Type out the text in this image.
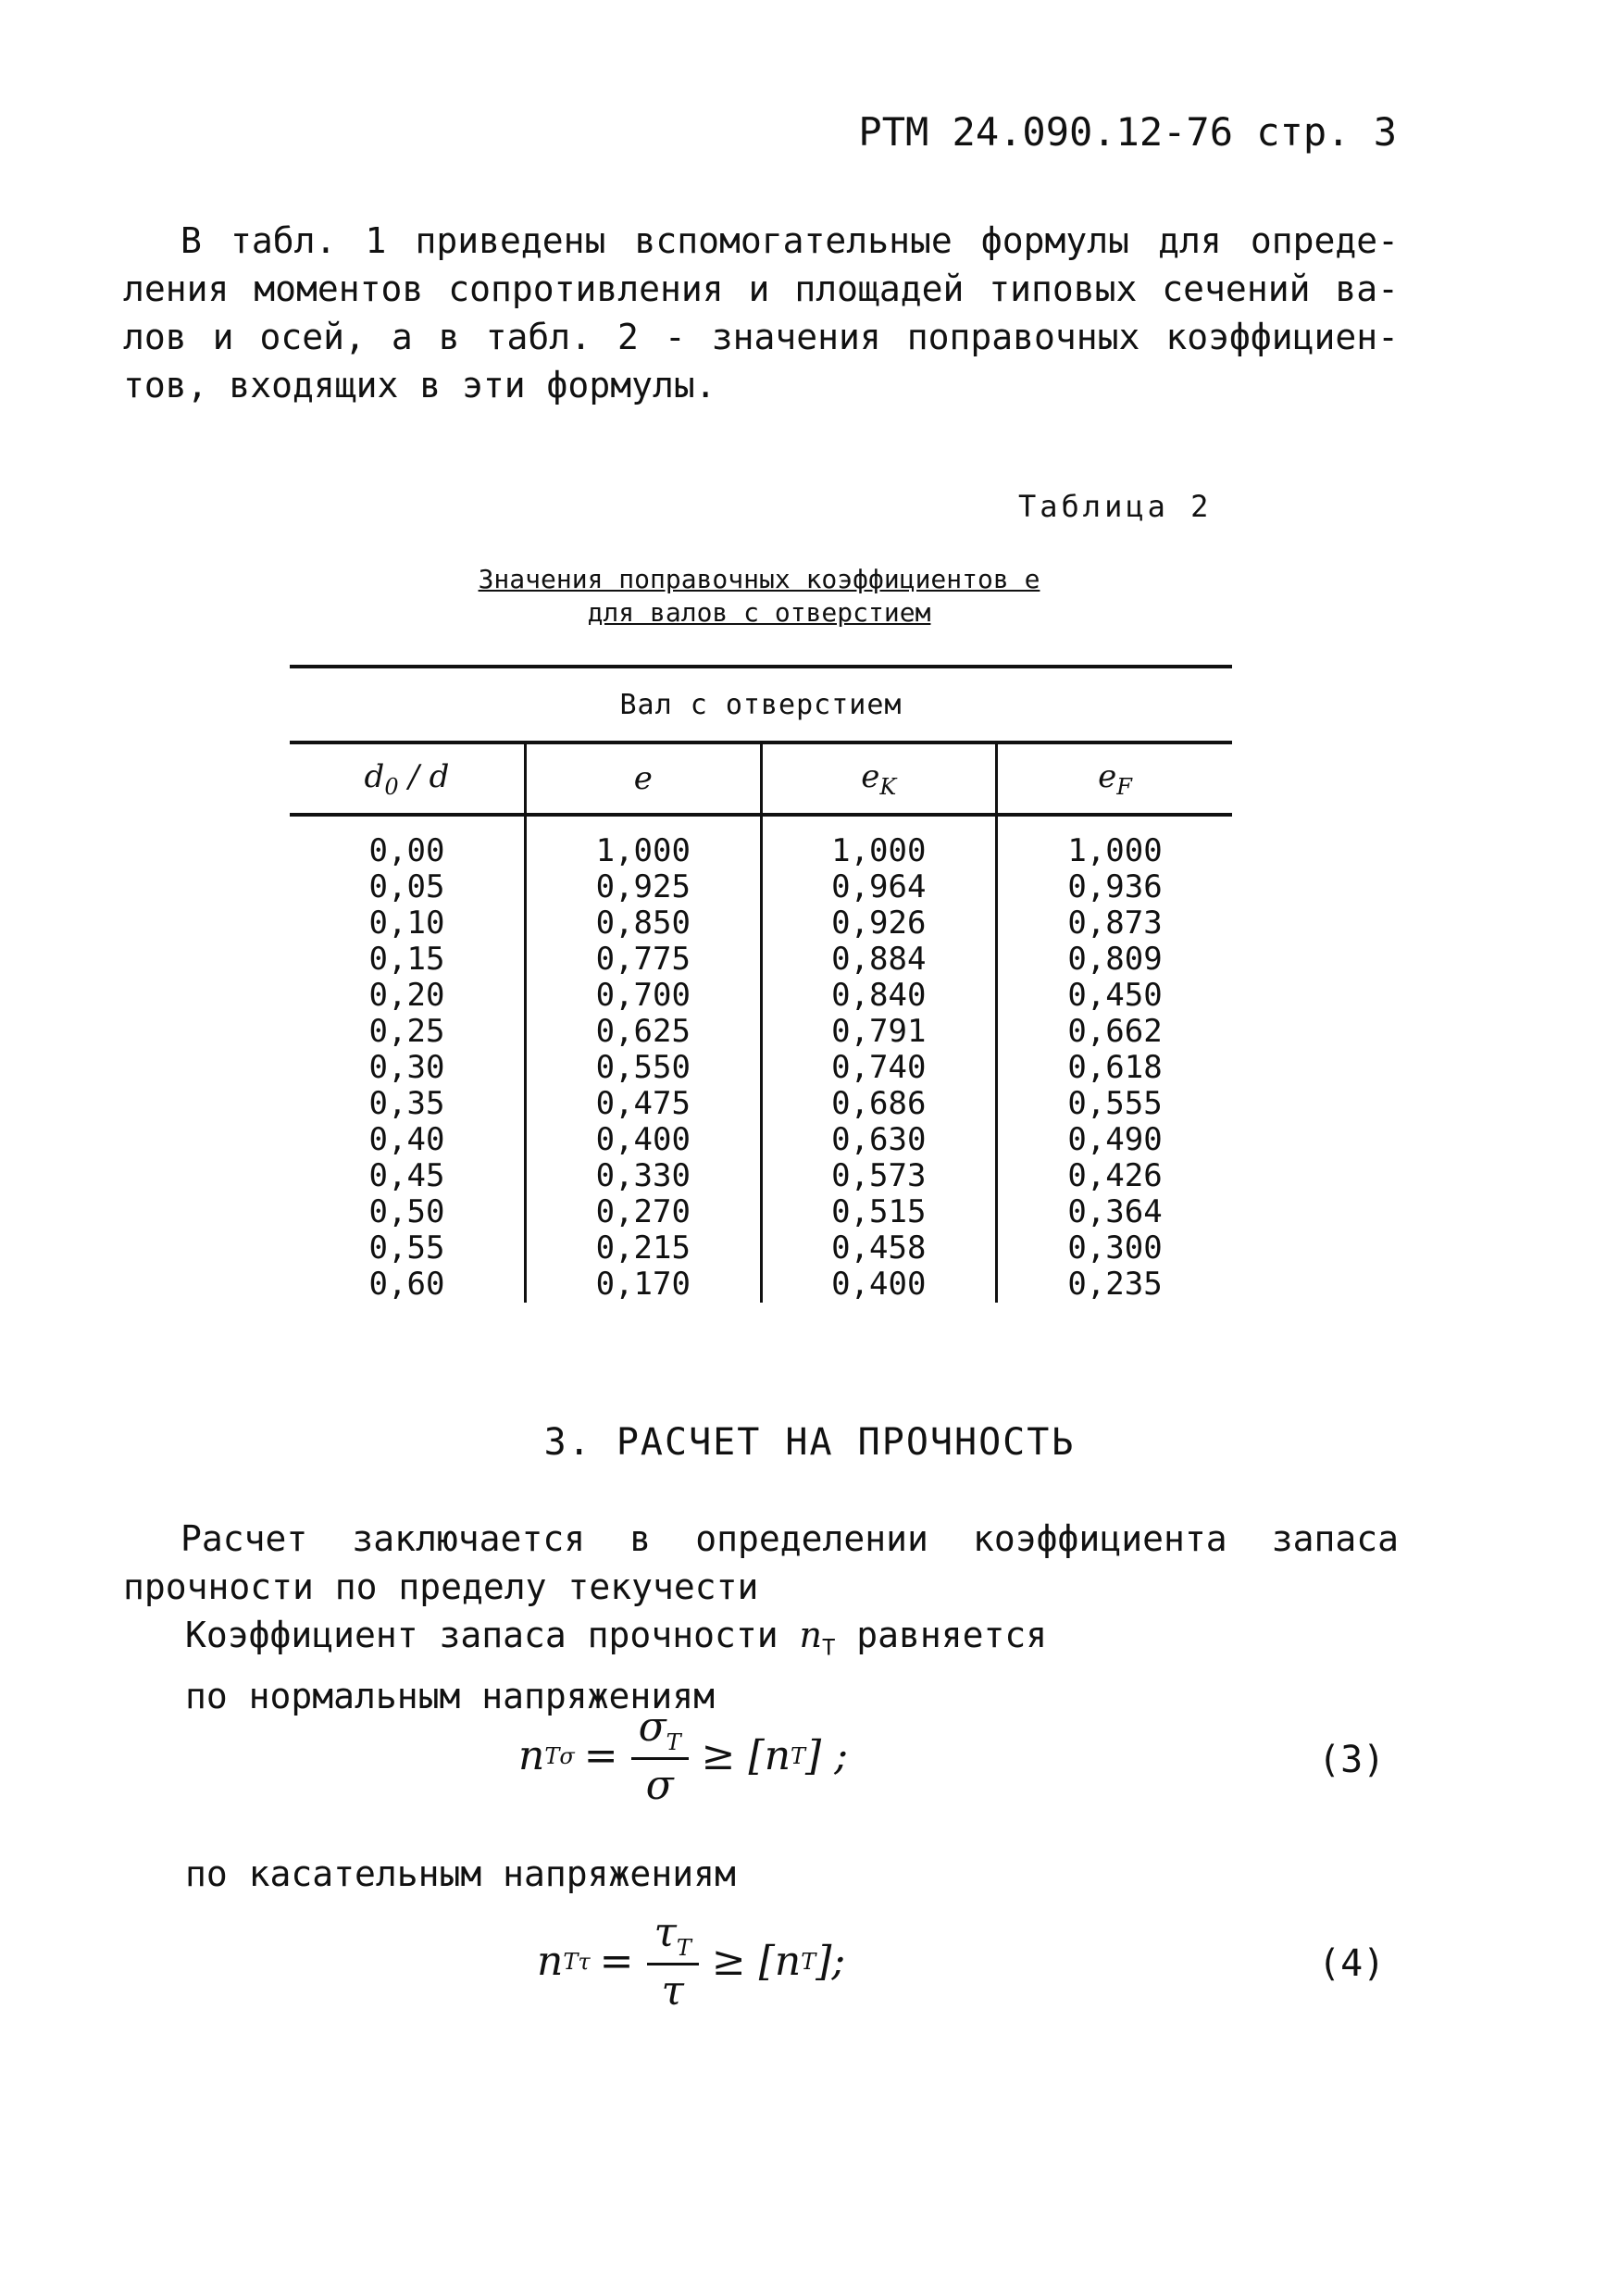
РТМ 24.090.12-76 стр. 3

В табл. 1 приведены вспомогательные формулы для опреде-

ления моментов сопротивления и площадей типовых сечений ва-

лов и осей, а в табл. 2 - значения поправочных коэффициен-

тов, входящих в эти формулы.

Таблица 2
Значения поправочных коэффициентов e
для валов с отверстием
Вал с отверстием			
$d_0$ / d	e	$e_K$	$e_F$
0,00	1,000	1,000	1,000
0,05	0,925	0,964	0,936
0,10	0,850	0,926	0,873
0,15	0,775	0,884	0,809
0,20	0,700	0,840	0,450
0,25	0,625	0,791	0,662
0,30	0,550	0,740	0,618
0,35	0,475	0,686	0,555
0,40	0,400	0,630	0,490
0,45	0,330	0,573	0,426
0,50	0,270	0,515	0,364
0,55	0,215	0,458	0,300
0,60	0,170	0,400	0,235
3. РАСЧЕТ НА ПРОЧНОСТЬ

Расчет заключается в определении коэффициента запаса

прочности по пределу текучести

Коэффициент запаса прочности $n_T$ равняется
по нормальным напряжениям
n $T\sigma = \frac{\sigma_T}{\sigma} \ge [n$ T ] ;	(3)
по касательным напряжениям
n $T\tau = \frac{\tau_T}{\tau} \ge [n$ T ];	(4)
